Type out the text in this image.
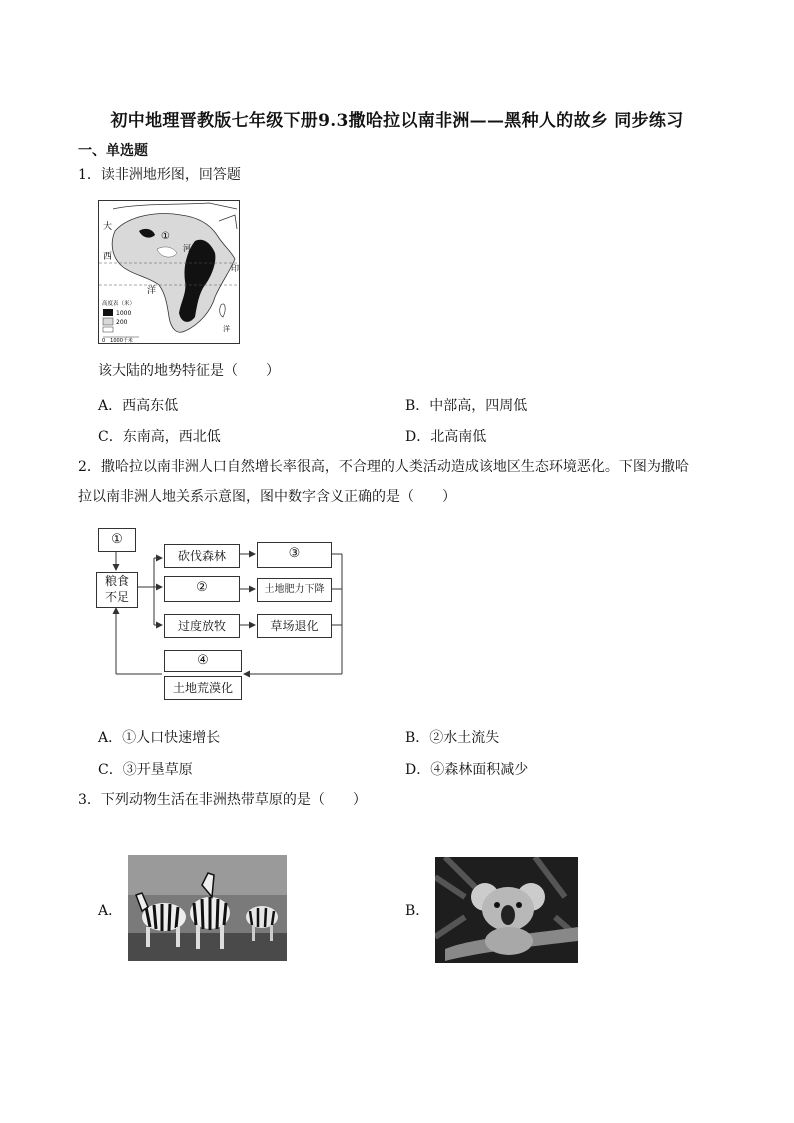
初中地理晋教版七年级下册9.3撒哈拉以南非洲——黑种人的故乡 同步练习
一、单选题
1．读非洲地形图，回答题
大
西
洋
印
洋
河
①
高度表（米）
1000
200
0　1000千米
该大陆的地势特征是（　　）
A．西高东低	B．中部高，四周低
C．东南高，西北低	D．北高南低
2．撒哈拉以南非洲人口自然增长率很高，不合理的人类活动造成该地区生态环境恶化。下图为撒哈
拉以南非洲人地关系示意图，图中数字含义正确的是（　　）
①
粮食
不足
砍伐森林
②
过度放牧
③
土地肥力下降
草场退化
④
土地荒漠化
A．①人口快速增长	B．②水土流失
C．③开垦草原	D．④森林面积减少
3．下列动物生活在非洲热带草原的是（　　）
A．	B．
